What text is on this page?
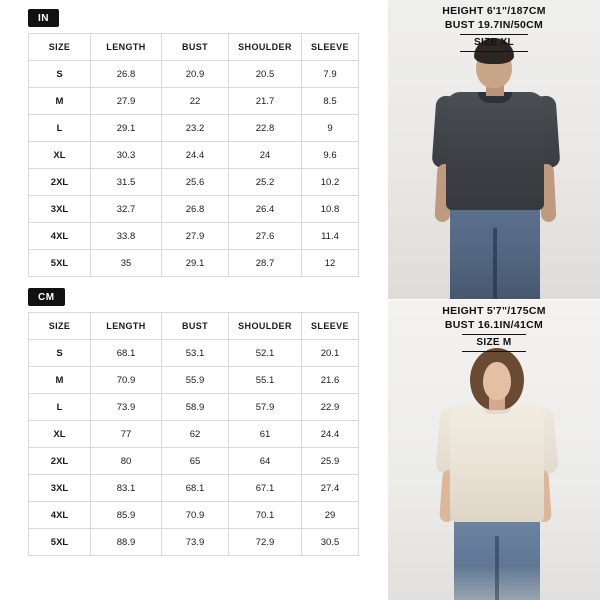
IN
SIZE	LENGTH	BUST	SHOULDER	SLEEVE
S	26.8	20.9	20.5	7.9
M	27.9	22	21.7	8.5
L	29.1	23.2	22.8	9
XL	30.3	24.4	24	9.6
2XL	31.5	25.6	25.2	10.2
3XL	32.7	26.8	26.4	10.8
4XL	33.8	27.9	27.6	11.4
5XL	35	29.1	28.7	12
CM
SIZE	LENGTH	BUST	SHOULDER	SLEEVE
S	68.1	53.1	52.1	20.1
M	70.9	55.9	55.1	21.6
L	73.9	58.9	57.9	22.9
XL	77	62	61	24.4
2XL	80	65	64	25.9
3XL	83.1	68.1	67.1	27.4
4XL	85.9	70.9	70.1	29
5XL	88.9	73.9	72.9	30.5
HEIGHT 6'1"/187CM
BUST 19.7IN/50CM
SIZE XL
HEIGHT 5'7"/175CM
BUST 16.1IN/41CM
SIZE M
